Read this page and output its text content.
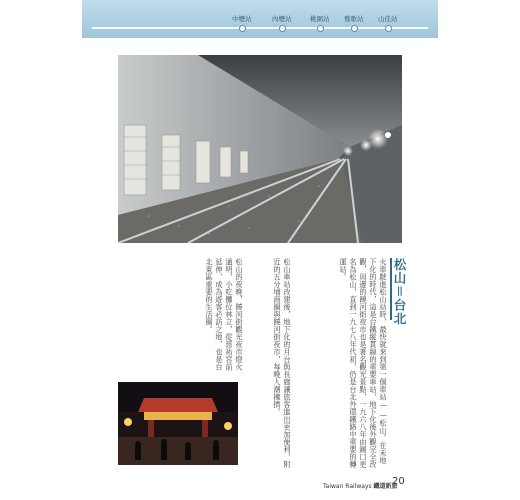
中壢站	內壢站	桃園站 鶯歌站 山佳站
松山＝台北
火車駛進松山站時，最快就來到第一個車站——松山。在未地下化的時代，這是台鐵縱貫線的重要車站，地下化後外觀完全改觀，周邊的饒河街夜市也是著名觀光景點，一九六八年由錫口更名為松山，直到一九七八年代初，仍是台北外環鐵路中重要的轉運站。
松山車站改建後，地下化的月台與長廊讓旅客進出更加便利，附近的五分埔商圈與饒河街夜市，每晚人潮擁擠。
松山的夜晚，饒河街觀光夜市燈火通明，小吃攤位林立，從慈祐宮前延伸，成為遊客必訪之地，也是台北東區重要的生活圈。
Taiwan Railways 鐵道新旅
20
